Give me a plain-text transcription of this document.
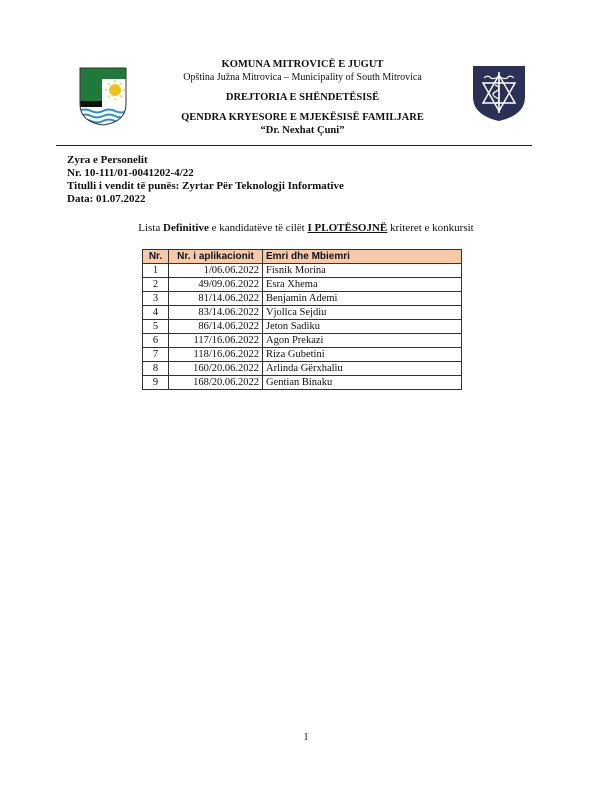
KOMUNA MITROVICË E JUGUT
Opština Južna Mitrovica – Municipality of South Mitrovica
DREJTORIA E SHËNDETËSISË
QENDRA KRYESORE E MJEKËSISË FAMILJARE
“Dr. Nexhat Çuni”
Zyra e Personelit
Nr. 10-111/01-0041202-4/22
Titulli i vendit të punës: Zyrtar Për Teknologji Informative
Data: 01.07.2022
Lista Definitive e kandidatëve të cilët I PLOTËSOJNË kriteret e konkursit
Nr.	Nr. i aplikacionit	Emri dhe Mbiemri
1	1/06.06.2022	Fisnik Morina
2	49/09.06.2022	Esra Xhema
3	81/14.06.2022	Benjamin Ademi
4	83/14.06.2022	Vjollca Sejdiu
5	86/14.06.2022	Jeton Sadiku
6	117/16.06.2022	Agon Prekazi
7	118/16.06.2022	Riza Gubetini
8	160/20.06.2022	Arlinda Gërxhaliu
9	168/20.06.2022	Gentian Binaku
1
